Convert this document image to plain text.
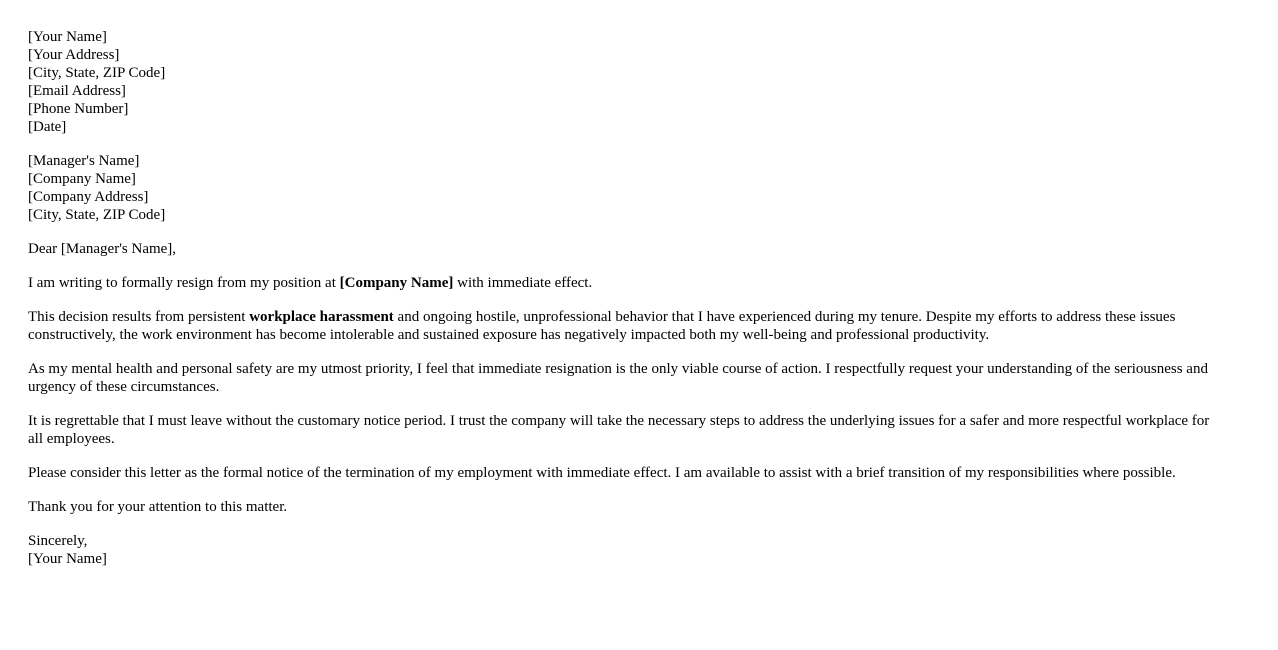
[Your Name]
[Your Address]
[City, State, ZIP Code]
[Email Address]
[Phone Number]
[Date]
[Manager's Name]
[Company Name]
[Company Address]
[City, State, ZIP Code]

Dear [Manager's Name],

I am writing to formally resign from my position at [Company Name] with immediate effect.

This decision results from persistent workplace harassment and ongoing hostile, unprofessional behavior that I have experienced during my tenure. Despite my efforts to address these issues constructively, the work environment has become intolerable and sustained exposure has negatively impacted both my well-being and professional productivity.

As my mental health and personal safety are my utmost priority, I feel that immediate resignation is the only viable course of action. I respectfully request your understanding of the seriousness and urgency of these circumstances.

It is regrettable that I must leave without the customary notice period. I trust the company will take the necessary steps to address the underlying issues for a safer and more respectful workplace for all employees.

Please consider this letter as the formal notice of the termination of my employment with immediate effect. I am available to assist with a brief transition of my responsibilities where possible.

Thank you for your attention to this matter.

Sincerely,
[Your Name]
